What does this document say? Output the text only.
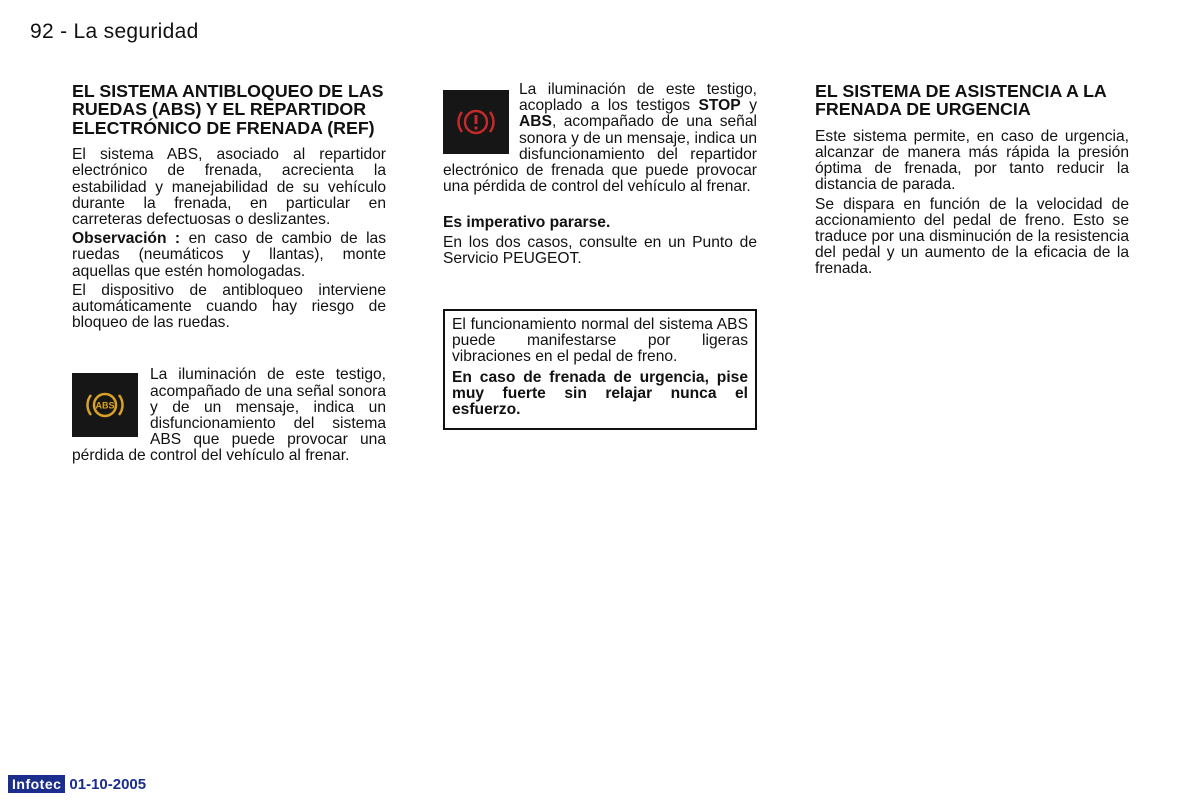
92 - La seguridad
EL SISTEMA ANTIBLOQUEO DE LAS RUEDAS (ABS) Y EL REPARTIDOR ELECTRÓNICO DE FRENADA (REF)

El sistema ABS, asociado al repartidor electrónico de frenada, acrecienta la estabilidad y manejabilidad de su vehículo durante la frenada, en particular en carreteras defectuosas o deslizantes.

Observación : en caso de cambio de las ruedas (neumáticos y llantas), monte aquellas que estén homologadas.

El dispositivo de antibloqueo interviene automáticamente cuando hay riesgo de bloqueo de las ruedas.

ABS

La iluminación de este testigo, acompañado de una señal sonora y de un mensaje, indica un disfuncionamiento del sistema ABS que puede provocar una pérdida de control del vehículo al frenar.

La iluminación de este testigo, acoplado a los testigos STOP y ABS, acompañado de una señal sonora y de un mensaje, indica un disfuncionamiento del repartidor electrónico de frenada que puede provocar una pérdida de control del vehículo al frenar.

Es imperativo pararse.

En los dos casos, consulte en un Punto de Servicio PEUGEOT.

El funcionamiento normal del sistema ABS puede manifestarse por ligeras vibraciones en el pedal de freno.

En caso de frenada de urgencia, pise muy fuerte sin relajar nunca el esfuerzo.

EL SISTEMA DE ASISTENCIA A LA FRENADA DE URGENCIA

Este sistema permite, en caso de urgencia, alcanzar de manera más rápida la presión óptima de frenada, por tanto reducir la distancia de parada.

Se dispara en función de la velocidad de accionamiento del pedal de freno. Esto se traduce por una disminución de la resistencia del pedal y un aumento de la eficacia de la frenada.

Infotec 01-10-2005
